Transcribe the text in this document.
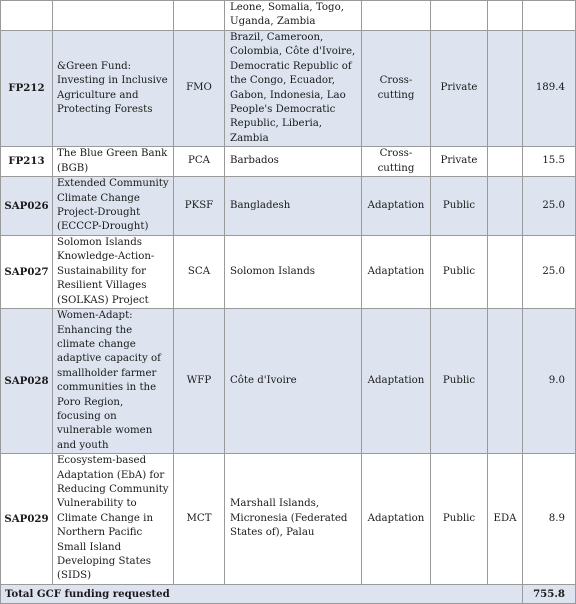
			Leone, Somalia, Togo, Uganda, Zambia				
FP212	&Green Fund: Investing in Inclusive Agriculture and Protecting Forests	FMO	Brazil, Cameroon, Colombia, Côte d'Ivoire, Democratic Republic of the Congo, Ecuador, Gabon, Indonesia, Lao People's Democratic Republic, Liberia, Zambia	Cross-cutting	Private		189.4
FP213	The Blue Green Bank (BGB)	PCA	Barbados	Cross-cutting	Private		15.5
SAP026	Extended Community Climate Change Project-Drought (ECCCP-Drought)	PKSF	Bangladesh	Adaptation	Public		25.0
SAP027	Solomon Islands Knowledge-Action-Sustainability for Resilient Villages (SOLKAS) Project	SCA	Solomon Islands	Adaptation	Public		25.0
SAP028	Women-Adapt: Enhancing the climate change adaptive capacity of smallholder farmer communities in the Poro Region, focusing on vulnerable women and youth	WFP	Côte d'Ivoire	Adaptation	Public		9.0
SAP029	Ecosystem-based Adaptation (EbA) for Reducing Community Vulnerability to Climate Change in Northern Pacific Small Island Developing States (SIDS)	MCT	Marshall Islands, Micronesia (Federated States of), Palau	Adaptation	Public	EDA	8.9
Total GCF funding requested							755.8
